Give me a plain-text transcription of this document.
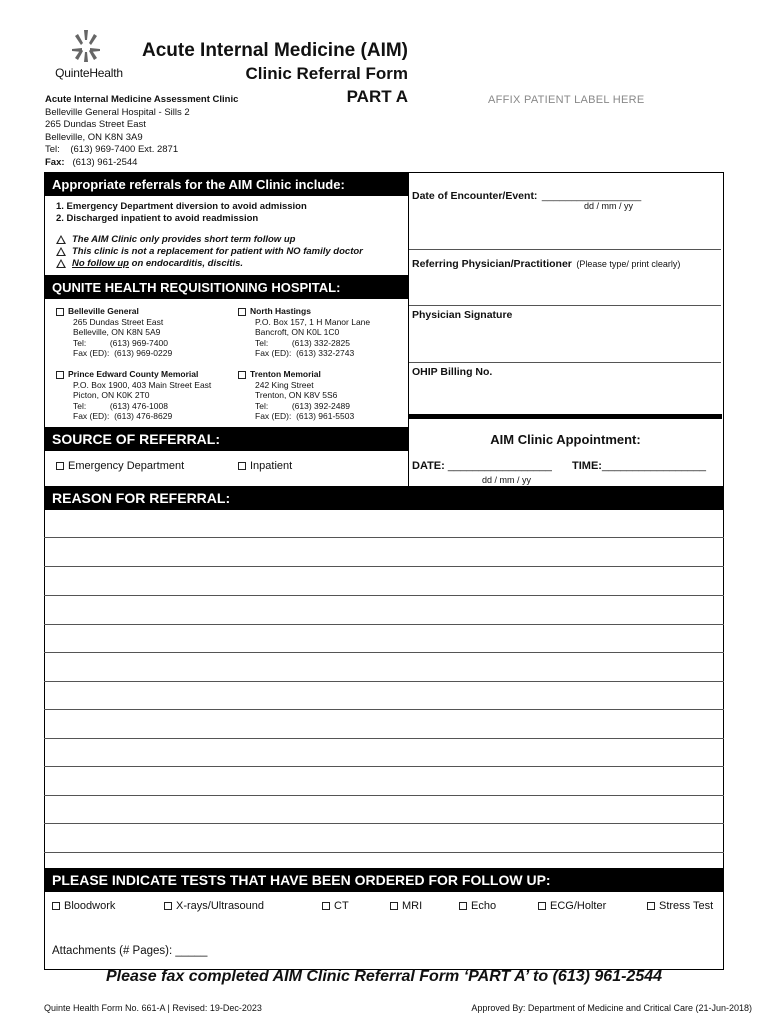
QuinteHealth
Acute Internal Medicine (AIM)
Clinic Referral Form
PART A	AFFIX PATIENT LABEL HERE
Acute Internal Medicine Assessment Clinic
Belleville General Hospital - Sills 2
265 Dundas Street East
Belleville, ON K8N 3A9
Tel: (613) 969-7400 Ext. 2871
Fax: (613) 961-2544
Appropriate referrals for the AIM Clinic include:
1. Emergency Department diversion to avoid admission
2. Discharged inpatient to avoid readmission
The AIM Clinic only provides short term follow up
This clinic is not a replacement for patient with NO family doctor
No follow up on endocarditis, discitis.
QUNITE HEALTH REQUISITIONING HOSPITAL:
Belleville General
265 Dundas Street East
Belleville, ON K8N 5A9
Tel:          (613) 969-7400
Fax (ED):  (613) 969-0229
North Hastings
P.O. Box 157, 1 H Manor Lane
Bancroft, ON K0L 1C0
Tel:          (613) 332-2825
Fax (ED):  (613) 332-2743
Prince Edward County Memorial
P.O. Box 1900, 403 Main Street East
Picton, ON K0K 2T0
Tel:          (613) 476-1008
Fax (ED):  (613) 476-8629
Trenton Memorial
242 King Street
Trenton, ON K8V 5S6
Tel:          (613) 392-2489
Fax (ED):  (613) 961-5503
SOURCE OF REFERRAL:
Emergency Department	Inpatient
Date of Encounter/Event: _________________
dd / mm / yy
Referring Physician/Practitioner (Please type/ print clearly)
Physician Signature
OHIP Billing No.
AIM Clinic Appointment:
DATE: _________________ TIME:_________________
dd / mm / yy
REASON FOR REFERRAL:
PLEASE INDICATE TESTS THAT HAVE BEEN ORDERED FOR FOLLOW UP:
Bloodwork	X-rays/Ultrasound	CT	MRI	Echo	ECG/Holter	Stress Test
Attachments (# Pages): _____
Please fax completed AIM Clinic Referral Form ‘PART A’ to (613) 961-2544
Quinte Health Form No. 661-A | Revised: 19-Dec-2023	Approved By: Department of Medicine and Critical Care (21-Jun-2018)
